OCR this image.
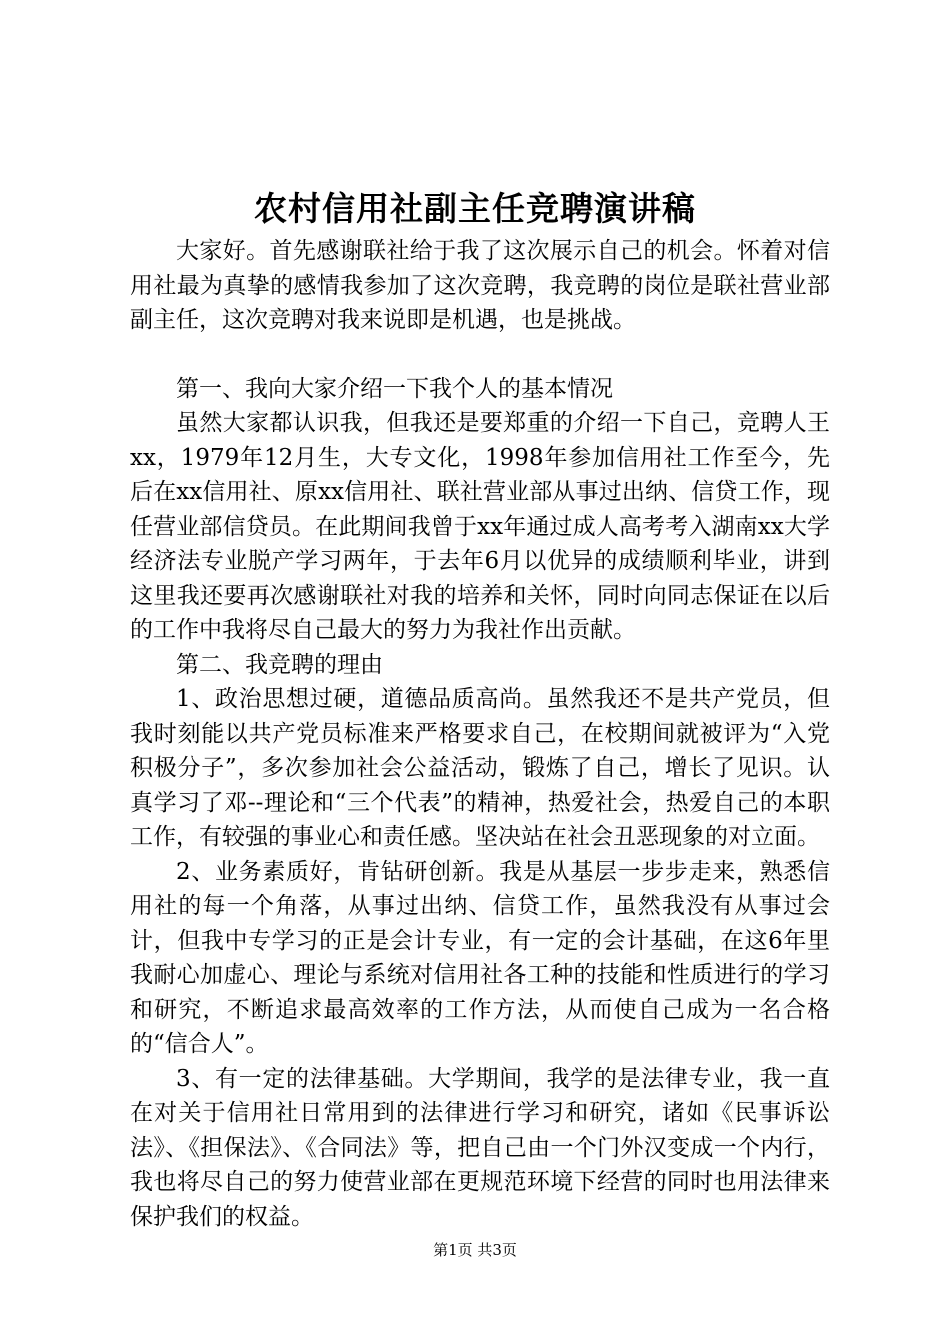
农村信用社副主任竞聘演讲稿

大家好。首先感谢联社给于我了这次展示自己的机会。怀着对信用社最为真挚的感情我参加了这次竞聘，我竞聘的岗位是联社营业部副主任，这次竞聘对我来说即是机遇，也是挑战。

第一、我向大家介绍一下我个人的基本情况

虽然大家都认识我，但我还是要郑重的介绍一下自己，竞聘人王xx，1979年12月生，大专文化，1998年参加信用社工作至今，先后在xx信用社、原xx信用社、联社营业部从事过出纳、信贷工作，现任营业部信贷员。在此期间我曾于xx年通过成人高考考入湖南xx大学经济法专业脱产学习两年，于去年6月以优异的成绩顺利毕业，讲到这里我还要再次感谢联社对我的培养和关怀，同时向同志保证在以后的工作中我将尽自己最大的努力为我社作出贡献。

第二、我竞聘的理由

1、政治思想过硬，道德品质高尚。虽然我还不是共产党员，但我时刻能以共产党员标准来严格要求自己，在校期间就被评为“入党积极分子”，多次参加社会公益活动，锻炼了自己，增长了见识。认真学习了邓--理论和“三个代表”的精神，热爱社会，热爱自己的本职工作，有较强的事业心和责任感。坚决站在社会丑恶现象的对立面。

2、业务素质好，肯钻研创新。我是从基层一步步走来，熟悉信用社的每一个角落，从事过出纳、信贷工作，虽然我没有从事过会计，但我中专学习的正是会计专业，有一定的会计基础，在这6年里我耐心加虚心、理论与系统对信用社各工种的技能和性质进行的学习和研究，不断追求最高效率的工作方法，从而使自己成为一名合格的“信合人”。

3、有一定的法律基础。大学期间，我学的是法律专业，我一直在对关于信用社日常用到的法律进行学习和研究，诸如《民事诉讼法》、《担保法》、《合同法》等，把自己由一个门外汉变成一个内行，我也将尽自己的努力使营业部在更规范环境下经营的同时也用法律来保护我们的权益。

第1页 共3页
